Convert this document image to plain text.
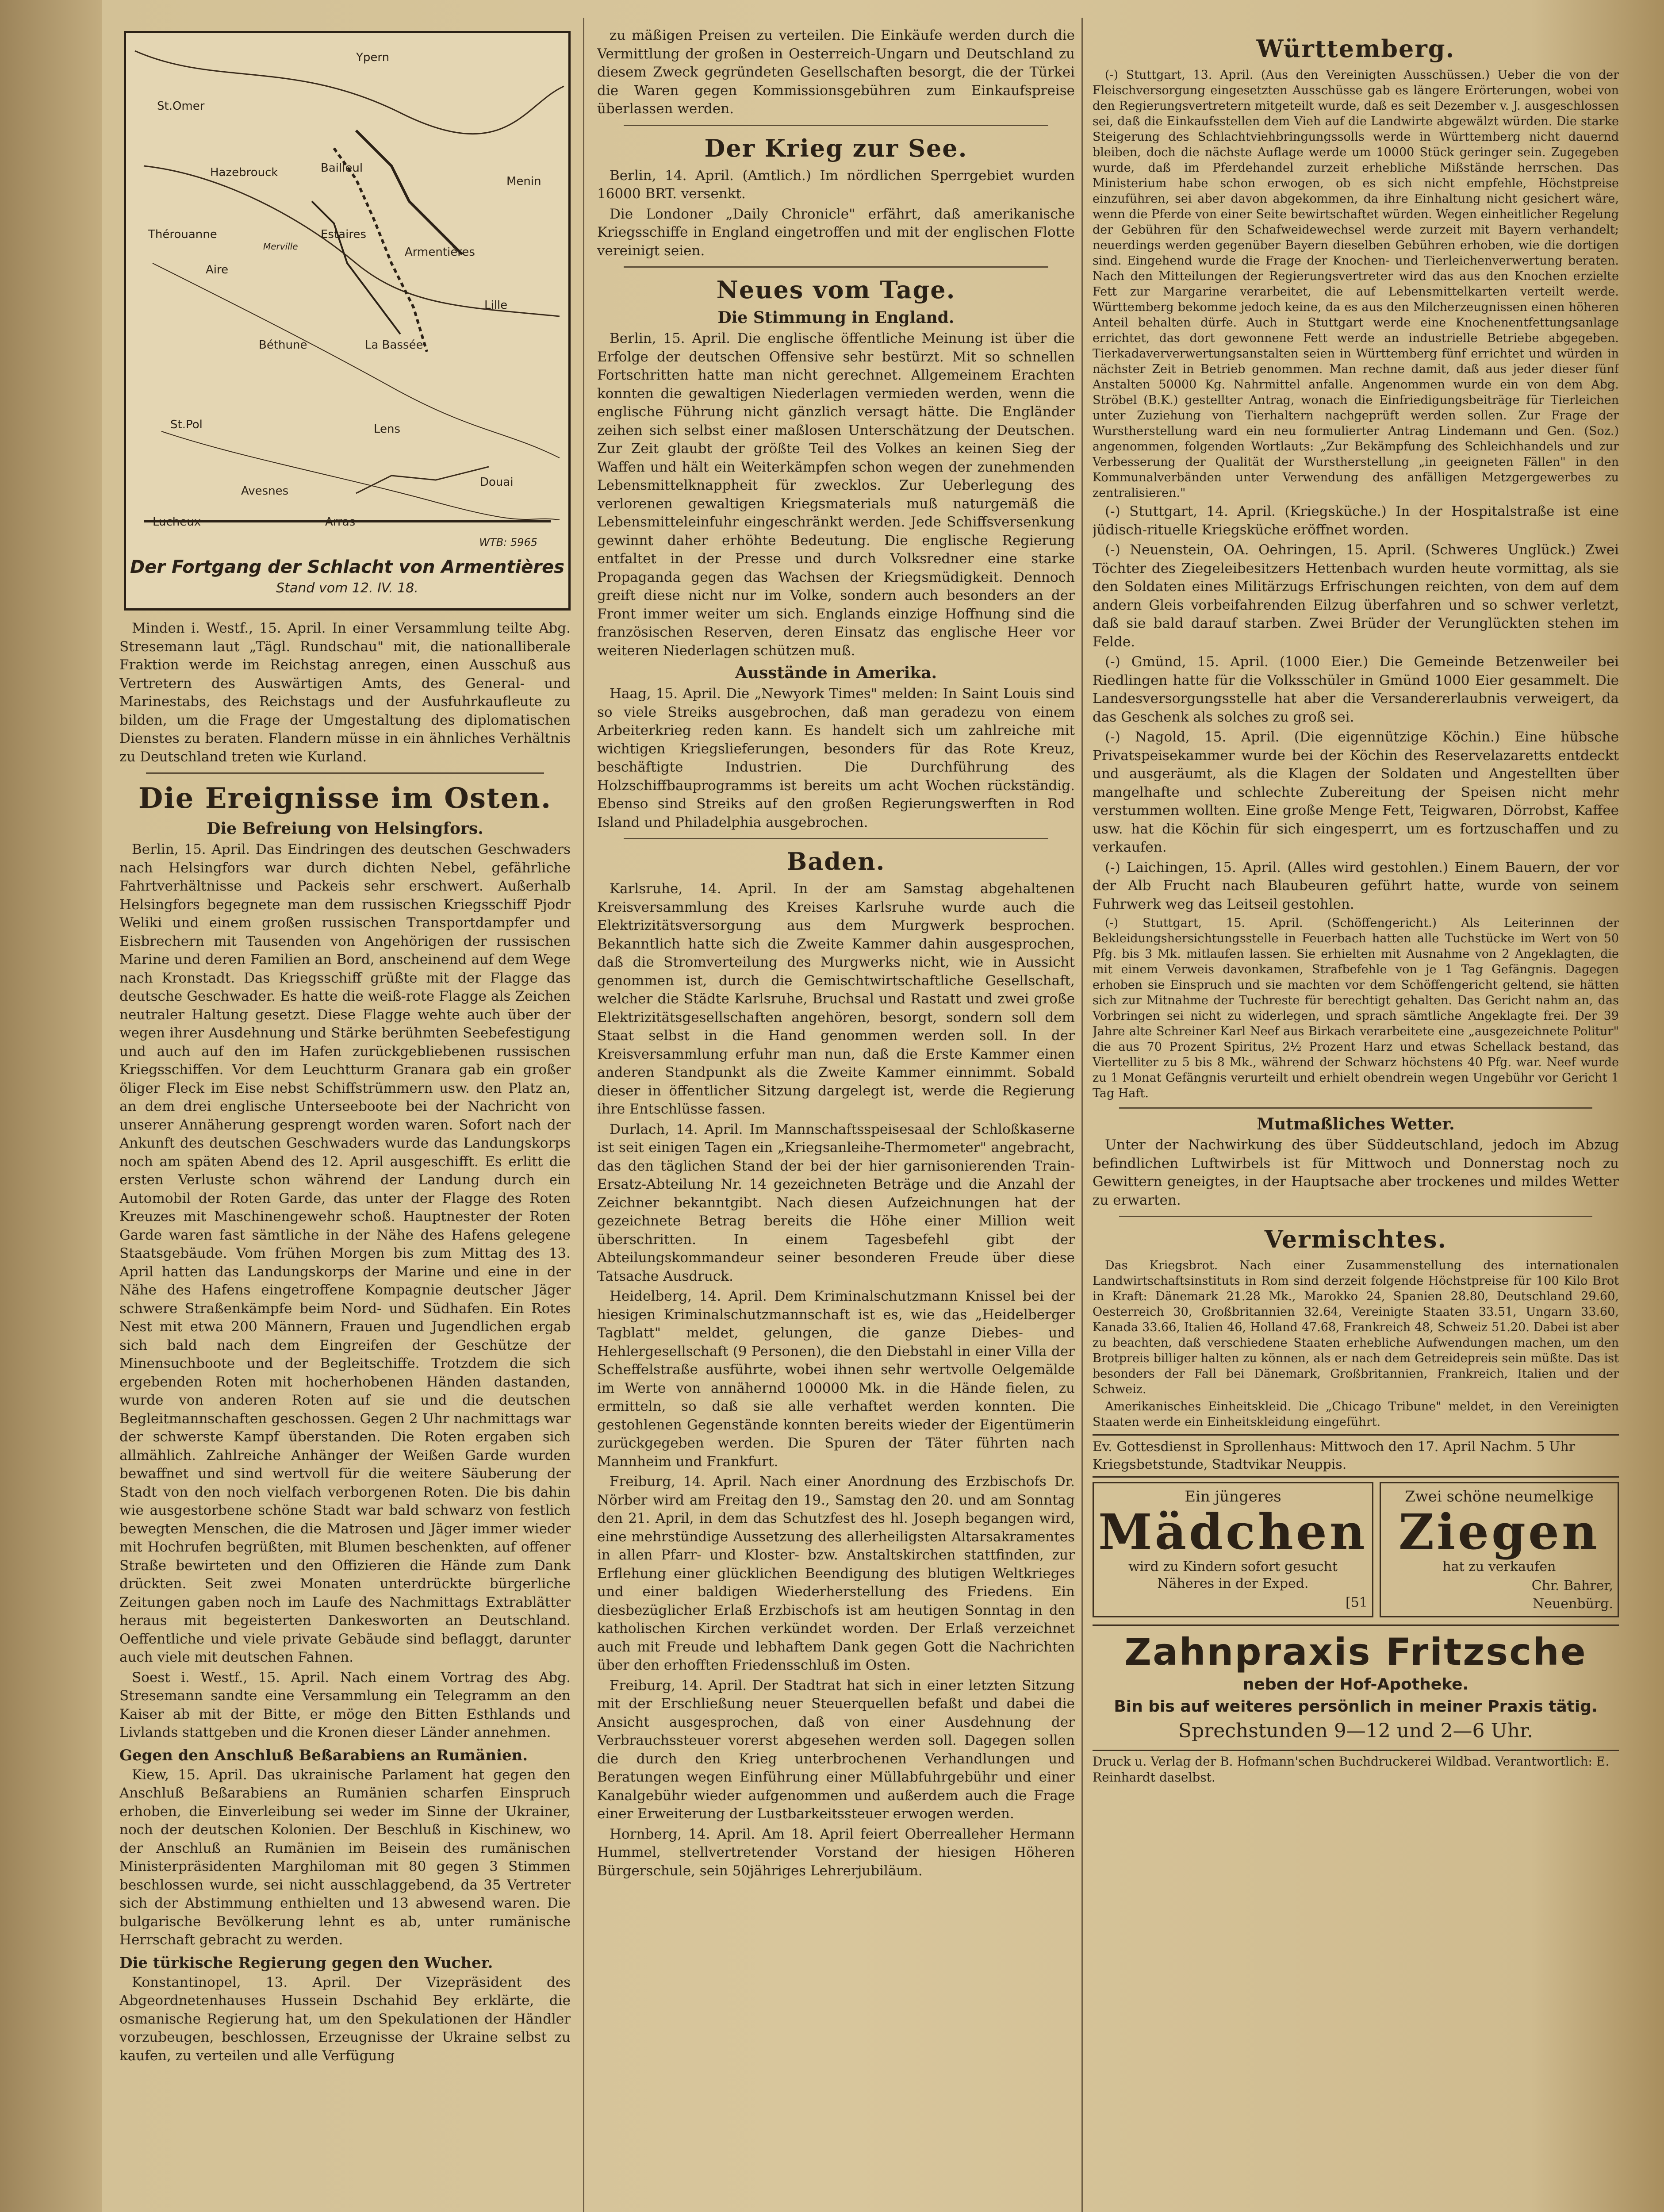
St.Omer
Ypern
Hazebrouck	Bailleul
Menin
Thérouanne
Aire
Merville
Estaires
Armentières
Lille
Béthune	La Bassée
St.Pol	Lens
Avesnes
Arras
Douai
Lucheux
WTB: 5965
Der Fortgang der Schlacht von Armentières
Stand vom 12. IV. 18.

Minden i. Westf., 15. April. In einer Versammlung teilte Abg. Stresemann laut „Tägl. Rundschau" mit, die nationalliberale Fraktion werde im Reichstag anregen, einen Ausschuß aus Vertretern des Auswärtigen Amts, des General- und Marinestabs, des Reichstags und der Ausfuhrkaufleute zu bilden, um die Frage der Umgestaltung des diplomatischen Dienstes zu beraten. Flandern müsse in ein ähnliches Verhältnis zu Deutschland treten wie Kurland.

Die Ereignisse im Osten.
Die Befreiung von Helsingfors.

Berlin, 15. April. Das Eindringen des deutschen Geschwaders nach Helsingfors war durch dichten Nebel, gefährliche Fahrtverhältnisse und Packeis sehr erschwert. Außerhalb Helsingfors begegnete man dem russischen Kriegsschiff Pjodr Weliki und einem großen russischen Transportdampfer und Eisbrechern mit Tausenden von Angehörigen der russischen Marine und deren Familien an Bord, anscheinend auf dem Wege nach Kronstadt. Das Kriegsschiff grüßte mit der Flagge das deutsche Geschwader. Es hatte die weiß-rote Flagge als Zeichen neutraler Haltung gesetzt. Diese Flagge wehte auch über der wegen ihrer Ausdehnung und Stärke berühmten Seebefestigung und auch auf den im Hafen zurückgebliebenen russischen Kriegsschiffen. Vor dem Leuchtturm Granara gab ein großer öliger Fleck im Eise nebst Schiffstrümmern usw. den Platz an, an dem drei englische Unterseeboote bei der Nachricht von unserer Annäherung gesprengt worden waren. Sofort nach der Ankunft des deutschen Geschwaders wurde das Landungskorps noch am späten Abend des 12. April ausgeschifft. Es erlitt die ersten Verluste schon während der Landung durch ein Automobil der Roten Garde, das unter der Flagge des Roten Kreuzes mit Maschinengewehr schoß. Hauptnester der Roten Garde waren fast sämtliche in der Nähe des Hafens gelegene Staatsgebäude. Vom frühen Morgen bis zum Mittag des 13. April hatten das Landungskorps der Marine und eine in der Nähe des Hafens eingetroffene Kompagnie deutscher Jäger schwere Straßenkämpfe beim Nord- und Südhafen. Ein Rotes Nest mit etwa 200 Männern, Frauen und Jugendlichen ergab sich bald nach dem Eingreifen der Geschütze der Minensuchboote und der Begleitschiffe. Trotzdem die sich ergebenden Roten mit hocherhobenen Händen dastanden, wurde von anderen Roten auf sie und die deutschen Begleitmannschaften geschossen. Gegen 2 Uhr nachmittags war der schwerste Kampf überstanden. Die Roten ergaben sich allmählich. Zahlreiche Anhänger der Weißen Garde wurden bewaffnet und sind wertvoll für die weitere Säuberung der Stadt von den noch vielfach verborgenen Roten. Die bis dahin wie ausgestorbene schöne Stadt war bald schwarz von festlich bewegten Menschen, die die Matrosen und Jäger immer wieder mit Hochrufen begrüßten, mit Blumen beschenkten, auf offener Straße bewirteten und den Offizieren die Hände zum Dank drückten. Seit zwei Monaten unterdrückte bürgerliche Zeitungen gaben noch im Laufe des Nachmittags Extrablätter heraus mit begeisterten Dankesworten an Deutschland. Oeffentliche und viele private Gebäude sind beflaggt, darunter auch viele mit deutschen Fahnen.

Soest i. Westf., 15. April. Nach einem Vortrag des Abg. Stresemann sandte eine Versammlung ein Telegramm an den Kaiser ab mit der Bitte, er möge den Bitten Esthlands und Livlands stattgeben und die Kronen dieser Länder annehmen.

Gegen den Anschluß Beßarabiens an Rumänien.

Kiew, 15. April. Das ukrainische Parlament hat gegen den Anschluß Beßarabiens an Rumänien scharfen Einspruch erhoben, die Einverleibung sei weder im Sinne der Ukrainer, noch der deutschen Kolonien. Der Beschluß in Kischinew, wo der Anschluß an Rumänien im Beisein des rumänischen Ministerpräsidenten Marghiloman mit 80 gegen 3 Stimmen beschlossen wurde, sei nicht ausschlaggebend, da 35 Vertreter sich der Abstimmung enthielten und 13 abwesend waren. Die bulgarische Bevölkerung lehnt es ab, unter rumänische Herrschaft gebracht zu werden.

Die türkische Regierung gegen den Wucher.

Konstantinopel, 13. April. Der Vizepräsident des Abgeordnetenhauses Hussein Dschahid Bey erklärte, die osmanische Regierung hat, um den Spekulationen der Händler vorzubeugen, beschlossen, Erzeugnisse der Ukraine selbst zu kaufen, zu verteilen und alle Verfügung

zu mäßigen Preisen zu verteilen. Die Einkäufe werden durch die Vermittlung der großen in Oesterreich-Ungarn und Deutschland zu diesem Zweck gegründeten Gesellschaften besorgt, die der Türkei die Waren gegen Kommissionsgebühren zum Einkaufspreise überlassen werden.

Der Krieg zur See.

Berlin, 14. April. (Amtlich.) Im nördlichen Sperrgebiet wurden 16000 BRT. versenkt.

Die Londoner „Daily Chronicle" erfährt, daß amerikanische Kriegsschiffe in England eingetroffen und mit der englischen Flotte vereinigt seien.

Neues vom Tage.
Die Stimmung in England.

Berlin, 15. April. Die englische öffentliche Meinung ist über die Erfolge der deutschen Offensive sehr bestürzt. Mit so schnellen Fortschritten hatte man nicht gerechnet. Allgemeinem Erachten konnten die gewaltigen Niederlagen vermieden werden, wenn die englische Führung nicht gänzlich versagt hätte. Die Engländer zeihen sich selbst einer maßlosen Unterschätzung der Deutschen. Zur Zeit glaubt der größte Teil des Volkes an keinen Sieg der Waffen und hält ein Weiterkämpfen schon wegen der zunehmenden Lebensmittelknappheit für zwecklos. Zur Ueberlegung des verlorenen gewaltigen Kriegsmaterials muß naturgemäß die Lebensmitteleinfuhr eingeschränkt werden. Jede Schiffsversenkung gewinnt daher erhöhte Bedeutung. Die englische Regierung entfaltet in der Presse und durch Volksredner eine starke Propaganda gegen das Wachsen der Kriegsmüdigkeit. Dennoch greift diese nicht nur im Volke, sondern auch besonders an der Front immer weiter um sich. Englands einzige Hoffnung sind die französischen Reserven, deren Einsatz das englische Heer vor weiteren Niederlagen schützen muß.

Ausstände in Amerika.

Haag, 15. April. Die „Newyork Times" melden: In Saint Louis sind so viele Streiks ausgebrochen, daß man geradezu von einem Arbeiterkrieg reden kann. Es handelt sich um zahlreiche mit wichtigen Kriegslieferungen, besonders für das Rote Kreuz, beschäftigte Industrien. Die Durchführung des Holzschiffbauprogramms ist bereits um acht Wochen rückständig. Ebenso sind Streiks auf den großen Regierungswerften in Rod Island und Philadelphia ausgebrochen.

Baden.

Karlsruhe, 14. April. In der am Samstag abgehaltenen Kreisversammlung des Kreises Karlsruhe wurde auch die Elektrizitätsversorgung aus dem Murgwerk besprochen. Bekanntlich hatte sich die Zweite Kammer dahin ausgesprochen, daß die Stromverteilung des Murgwerks nicht, wie in Aussicht genommen ist, durch die Gemischtwirtschaftliche Gesellschaft, welcher die Städte Karlsruhe, Bruchsal und Rastatt und zwei große Elektrizitätsgesellschaften angehören, besorgt, sondern soll dem Staat selbst in die Hand genommen werden soll. In der Kreisversammlung erfuhr man nun, daß die Erste Kammer einen anderen Standpunkt als die Zweite Kammer einnimmt. Sobald dieser in öffentlicher Sitzung dargelegt ist, werde die Regierung ihre Entschlüsse fassen.

Durlach, 14. April. Im Mannschaftsspeisesaal der Schloßkaserne ist seit einigen Tagen ein „Kriegsanleihe-Thermometer" angebracht, das den täglichen Stand der bei der hier garnisonierenden Train-Ersatz-Abteilung Nr. 14 gezeichneten Beträge und die Anzahl der Zeichner bekanntgibt. Nach diesen Aufzeichnungen hat der gezeichnete Betrag bereits die Höhe einer Million weit überschritten. In einem Tagesbefehl gibt der Abteilungskommandeur seiner besonderen Freude über diese Tatsache Ausdruck.

Heidelberg, 14. April. Dem Kriminalschutzmann Knissel bei der hiesigen Kriminalschutzmannschaft ist es, wie das „Heidelberger Tagblatt" meldet, gelungen, die ganze Diebes- und Hehlergesellschaft (9 Personen), die den Diebstahl in einer Villa der Scheffelstraße ausführte, wobei ihnen sehr wertvolle Oelgemälde im Werte von annähernd 100000 Mk. in die Hände fielen, zu ermitteln, so daß sie alle verhaftet werden konnten. Die gestohlenen Gegenstände konnten bereits wieder der Eigentümerin zurückgegeben werden. Die Spuren der Täter führten nach Mannheim und Frankfurt.

Freiburg, 14. April. Nach einer Anordnung des Erzbischofs Dr. Nörber wird am Freitag den 19., Samstag den 20. und am Sonntag den 21. April, in dem das Schutzfest des hl. Joseph begangen wird, eine mehrstündige Aussetzung des allerheiligsten Altarsakramentes in allen Pfarr- und Kloster- bzw. Anstaltskirchen stattfinden, zur Erflehung einer glücklichen Beendigung des blutigen Weltkrieges und einer baldigen Wiederherstellung des Friedens. Ein diesbezüglicher Erlaß Erzbischofs ist am heutigen Sonntag in den katholischen Kirchen verkündet worden. Der Erlaß verzeichnet auch mit Freude und lebhaftem Dank gegen Gott die Nachrichten über den erhofften Friedensschluß im Osten.

Freiburg, 14. April. Der Stadtrat hat sich in einer letzten Sitzung mit der Erschließung neuer Steuerquellen befaßt und dabei die Ansicht ausgesprochen, daß von einer Ausdehnung der Verbrauchssteuer vorerst abgesehen werden soll. Dagegen sollen die durch den Krieg unterbrochenen Verhandlungen und Beratungen wegen Einführung einer Müllabfuhrgebühr und einer Kanalgebühr wieder aufgenommen und außerdem auch die Frage einer Erweiterung der Lustbarkeitssteuer erwogen werden.

Hornberg, 14. April. Am 18. April feiert Oberrealleher Hermann Hummel, stellvertretender Vorstand der hiesigen Höheren Bürgerschule, sein 50jähriges Lehrerjubiläum.

Württemberg.

(-) Stuttgart, 13. April. (Aus den Vereinigten Ausschüssen.) Ueber die von der Fleischversorgung eingesetzten Ausschüsse gab es längere Erörterungen, wobei von den Regierungsvertretern mitgeteilt wurde, daß es seit Dezember v. J. ausgeschlossen sei, daß die Einkaufsstellen dem Vieh auf die Landwirte abgewälzt würden. Die starke Steigerung des Schlachtviehbringungssolls werde in Württemberg nicht dauernd bleiben, doch die nächste Auflage werde um 10000 Stück geringer sein. Zugegeben wurde, daß im Pferdehandel zurzeit erhebliche Mißstände herrschen. Das Ministerium habe schon erwogen, ob es sich nicht empfehle, Höchstpreise einzuführen, sei aber davon abgekommen, da ihre Einhaltung nicht gesichert wäre, wenn die Pferde von einer Seite bewirtschaftet würden. Wegen einheitlicher Regelung der Gebühren für den Schafweidewechsel werde zurzeit mit Bayern verhandelt; neuerdings werden gegenüber Bayern dieselben Gebühren erhoben, wie die dortigen sind. Eingehend wurde die Frage der Knochen- und Tierleichenverwertung beraten. Nach den Mitteilungen der Regierungsvertreter wird das aus den Knochen erzielte Fett zur Margarine verarbeitet, die auf Lebensmittelkarten verteilt werde. Württemberg bekomme jedoch keine, da es aus den Milcherzeugnissen einen höheren Anteil behalten dürfe. Auch in Stuttgart werde eine Knochenentfettungsanlage errichtet, das dort gewonnene Fett werde an industrielle Betriebe abgegeben. Tierkadaververwertungsanstalten seien in Württemberg fünf errichtet und würden in nächster Zeit in Betrieb genommen. Man rechne damit, daß aus jeder dieser fünf Anstalten 50000 Kg. Nahrmittel anfalle. Angenommen wurde ein von dem Abg. Ströbel (B.K.) gestellter Antrag, wonach die Einfriedigungsbeiträge für Tierleichen unter Zuziehung von Tierhaltern nachgeprüft werden sollen. Zur Frage der Wurstherstellung ward ein neu formulierter Antrag Lindemann und Gen. (Soz.) angenommen, folgenden Wortlauts: „Zur Bekämpfung des Schleichhandels und zur Verbesserung der Qualität der Wurstherstellung „in geeigneten Fällen" in den Kommunalverbänden unter Verwendung des anfälligen Metzgergewerbes zu zentralisieren."

(-) Stuttgart, 14. April. (Kriegsküche.) In der Hospitalstraße ist eine jüdisch-rituelle Kriegsküche eröffnet worden.

(-) Neuenstein, OA. Oehringen, 15. April. (Schweres Unglück.) Zwei Töchter des Ziegeleibesitzers Hettenbach wurden heute vormittag, als sie den Soldaten eines Militärzugs Erfrischungen reichten, von dem auf dem andern Gleis vorbeifahrenden Eilzug überfahren und so schwer verletzt, daß sie bald darauf starben. Zwei Brüder der Verunglückten stehen im Felde.

(-) Gmünd, 15. April. (1000 Eier.) Die Gemeinde Betzenweiler bei Riedlingen hatte für die Volksschüler in Gmünd 1000 Eier gesammelt. Die Landesversorgungsstelle hat aber die Versandererlaubnis verweigert, da das Geschenk als solches zu groß sei.

(-) Nagold, 15. April. (Die eigennützige Köchin.) Eine hübsche Privatspeisekammer wurde bei der Köchin des Reservelazaretts entdeckt und ausgeräumt, als die Klagen der Soldaten und Angestellten über mangelhafte und schlechte Zubereitung der Speisen nicht mehr verstummen wollten. Eine große Menge Fett, Teigwaren, Dörrobst, Kaffee usw. hat die Köchin für sich eingesperrt, um es fortzuschaffen und zu verkaufen.

(-) Laichingen, 15. April. (Alles wird gestohlen.) Einem Bauern, der vor der Alb Frucht nach Blaubeuren geführt hatte, wurde von seinem Fuhrwerk weg das Leitseil gestohlen.

(-) Stuttgart, 15. April. (Schöffengericht.) Als Leiterinnen der Bekleidungshersichtungsstelle in Feuerbach hatten alle Tuchstücke im Wert von 50 Pfg. bis 3 Mk. mitlaufen lassen. Sie erhielten mit Ausnahme von 2 Angeklagten, die mit einem Verweis davonkamen, Strafbefehle von je 1 Tag Gefängnis. Dagegen erhoben sie Einspruch und sie machten vor dem Schöffengericht geltend, sie hätten sich zur Mitnahme der Tuchreste für berechtigt gehalten. Das Gericht nahm an, das Vorbringen sei nicht zu widerlegen, und sprach sämtliche Angeklagte frei. Der 39 Jahre alte Schreiner Karl Neef aus Birkach verarbeitete eine „ausgezeichnete Politur" die aus 70 Prozent Spiritus, 2½ Prozent Harz und etwas Schellack bestand, das Viertelliter zu 5 bis 8 Mk., während der Schwarz höchstens 40 Pfg. war. Neef wurde zu 1 Monat Gefängnis verurteilt und erhielt obendrein wegen Ungebühr vor Gericht 1 Tag Haft.

Mutmaßliches Wetter.

Unter der Nachwirkung des über Süddeutschland, jedoch im Abzug befindlichen Luftwirbels ist für Mittwoch und Donnerstag noch zu Gewittern geneigtes, in der Hauptsache aber trockenes und mildes Wetter zu erwarten.

Vermischtes.

Das Kriegsbrot. Nach einer Zusammenstellung des internationalen Landwirtschaftsinstituts in Rom sind derzeit folgende Höchstpreise für 100 Kilo Brot in Kraft: Dänemark 21.28 Mk., Marokko 24, Spanien 28.80, Deutschland 29.60, Oesterreich 30, Großbritannien 32.64, Vereinigte Staaten 33.51, Ungarn 33.60, Kanada 33.66, Italien 46, Holland 47.68, Frankreich 48, Schweiz 51.20. Dabei ist aber zu beachten, daß verschiedene Staaten erhebliche Aufwendungen machen, um den Brotpreis billiger halten zu können, als er nach dem Getreidepreis sein müßte. Das ist besonders der Fall bei Dänemark, Großbritannien, Frankreich, Italien und der Schweiz.

Amerikanisches Einheitskleid. Die „Chicago Tribune" meldet, in den Vereinigten Staaten werde ein Einheitskleidung eingeführt.

Ev. Gottesdienst in Sprollenhaus: Mittwoch den 17. April Nachm. 5 Uhr Kriegsbetstunde, Stadtvikar Neuppis.
Ein jüngeres
Mädchen
wird zu Kindern sofort gesucht Näheres in der Exped.
[51
Zwei schöne neumelkige
Ziegen
hat zu verkaufen
Chr. Bahrer,
Neuenbürg.
Zahnpraxis Fritzsche
neben der Hof-Apotheke.
Bin bis auf weiteres persönlich in meiner Praxis tätig.
Sprechstunden 9—12 und 2—6 Uhr.
Druck u. Verlag der B. Hofmann'schen Buchdruckerei Wildbad. Verantwortlich: E. Reinhardt daselbst.
